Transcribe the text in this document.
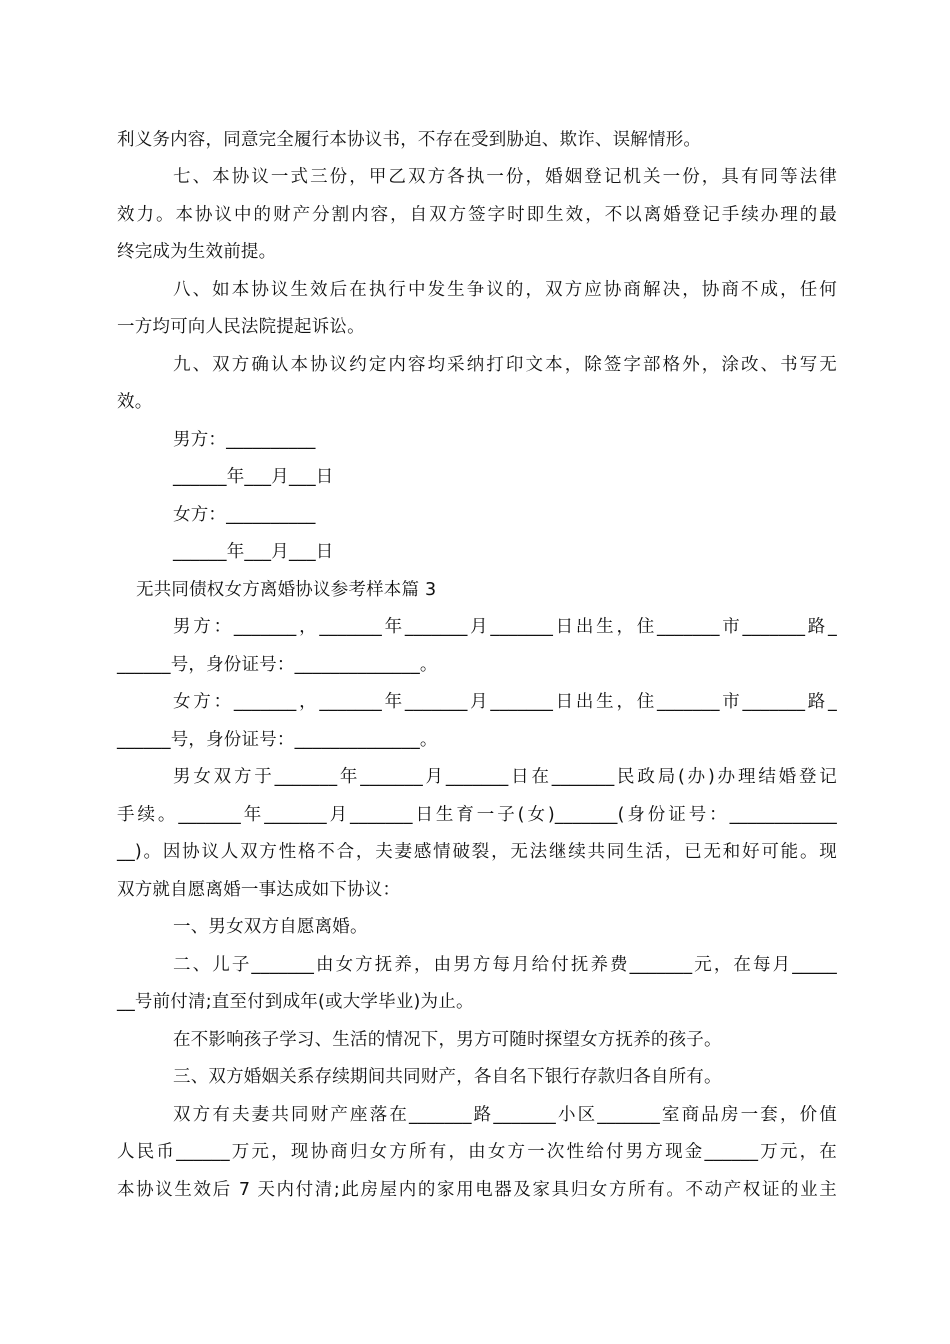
利义务内容，同意完全履行本协议书，不存在受到胁迫、欺诈、误解情形。
七、本协议一式三份，甲乙双方各执一份，婚姻登记机关一份，具有同等法律
效力。本协议中的财产分割内容，自双方签字时即生效，不以离婚登记手续办理的最
终完成为生效前提。
八、如本协议生效后在执行中发生争议的，双方应协商解决，协商不成，任何
一方均可向人民法院提起诉讼。
九、双方确认本协议约定内容均采纳打印文本，除签字部格外，涂改、书写无
效。
男方：__________
______年___月___日
女方：__________
______年___月___日
无共同债权女方离婚协议参考样本篇 3
男方：_______，_______年_______月_______日出生，住_______市_______路_
______号，身份证号：______________。
女方：_______，_______年_______月_______日出生，住_______市_______路_
______号，身份证号：______________。
男女双方于_______年_______月_______日在_______民政局(办)办理结婚登记
手续。_______年_______月_______日生育一子(女)_______(身份证号：____________
__)。因协议人双方性格不合，夫妻感情破裂，无法继续共同生活，已无和好可能。现
双方就自愿离婚一事达成如下协议：
一、男女双方自愿离婚。
二、儿子_______由女方抚养，由男方每月给付抚养费_______元，在每月_____
__号前付清;直至付到成年(或大学毕业)为止。
在不影响孩子学习、生活的情况下，男方可随时探望女方抚养的孩子。
三、双方婚姻关系存续期间共同财产，各自名下银行存款归各自所有。
双方有夫妻共同财产座落在_______路_______小区_______室商品房一套，价值
人民币______万元，现协商归女方所有，由女方一次性给付男方现金______万元，在
本协议生效后 7 天内付清;此房屋内的家用电器及家具归女方所有。不动产权证的业主
